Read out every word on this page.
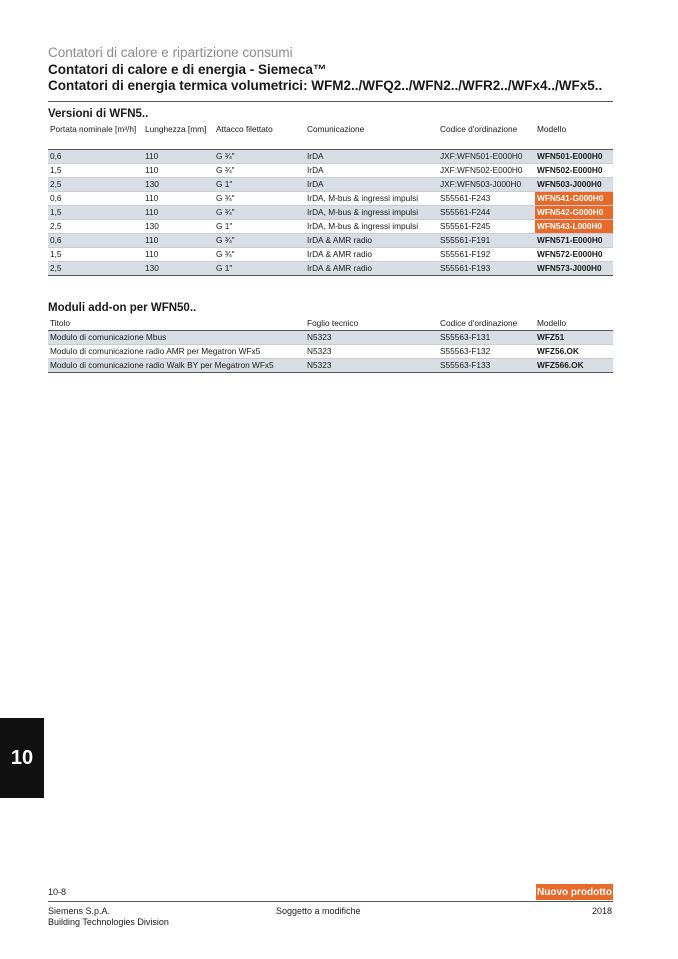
Contatori di calore e ripartizione consumi
Contatori di calore e di energia - Siemeca™
Contatori di energia termica volumetrici: WFM2../WFQ2../WFN2../WFR2../WFx4../WFx5..
Versioni di WFN5..
Portata nominale [m³/h]	Lunghezza [mm]	Attacco filettato	Comunicazione	Codice d'ordinazione	Modello
0,6	110	G ¾"	IrDA	JXF:WFN501-E000H0	WFN501-E000H0
1,5	110	G ¾"	IrDA	JXF:WFN502-E000H0	WFN502-E000H0
2,5	130	G 1"	IrDA	JXF:WFN503-J000H0	WFN503-J000H0
0,6	110	G ¾"	IrDA, M-bus & ingressi impulsi	S55561-F243	WFN541-G000H0
1,5	110	G ¾"	IrDA, M-bus & ingressi impulsi	S55561-F244	WFN542-G000H0
2,5	130	G 1"	IrDA, M-bus & ingressi impulsi	S55561-F245	WFN543-L000H0
0,6	110	G ¾"	IrDA & AMR radio	S55561-F191	WFN571-E000H0
1,5	110	G ¾"	IrDA & AMR radio	S55561-F192	WFN572-E000H0
2,5	130	G 1"	IrDA & AMR radio	S55561-F193	WFN573-J000H0
Moduli add-on per WFN50..
Titolo	Foglio tecnico	Codice d'ordinazione	Modello
Modulo di comunicazione Mbus	N5323	S55563-F131	WFZ51
Modulo di comunicazione radio AMR per Megatron WFx5	N5323	S55563-F132	WFZ56.OK
Modulo di comunicazione radio Walk BY per Megatron WFx5	N5323	S55563-F133	WFZ566.OK
10
10-8	Nuovo prodotto
Siemens S.p.A.
Building Technologies Division
Soggetto a modifiche	2018
